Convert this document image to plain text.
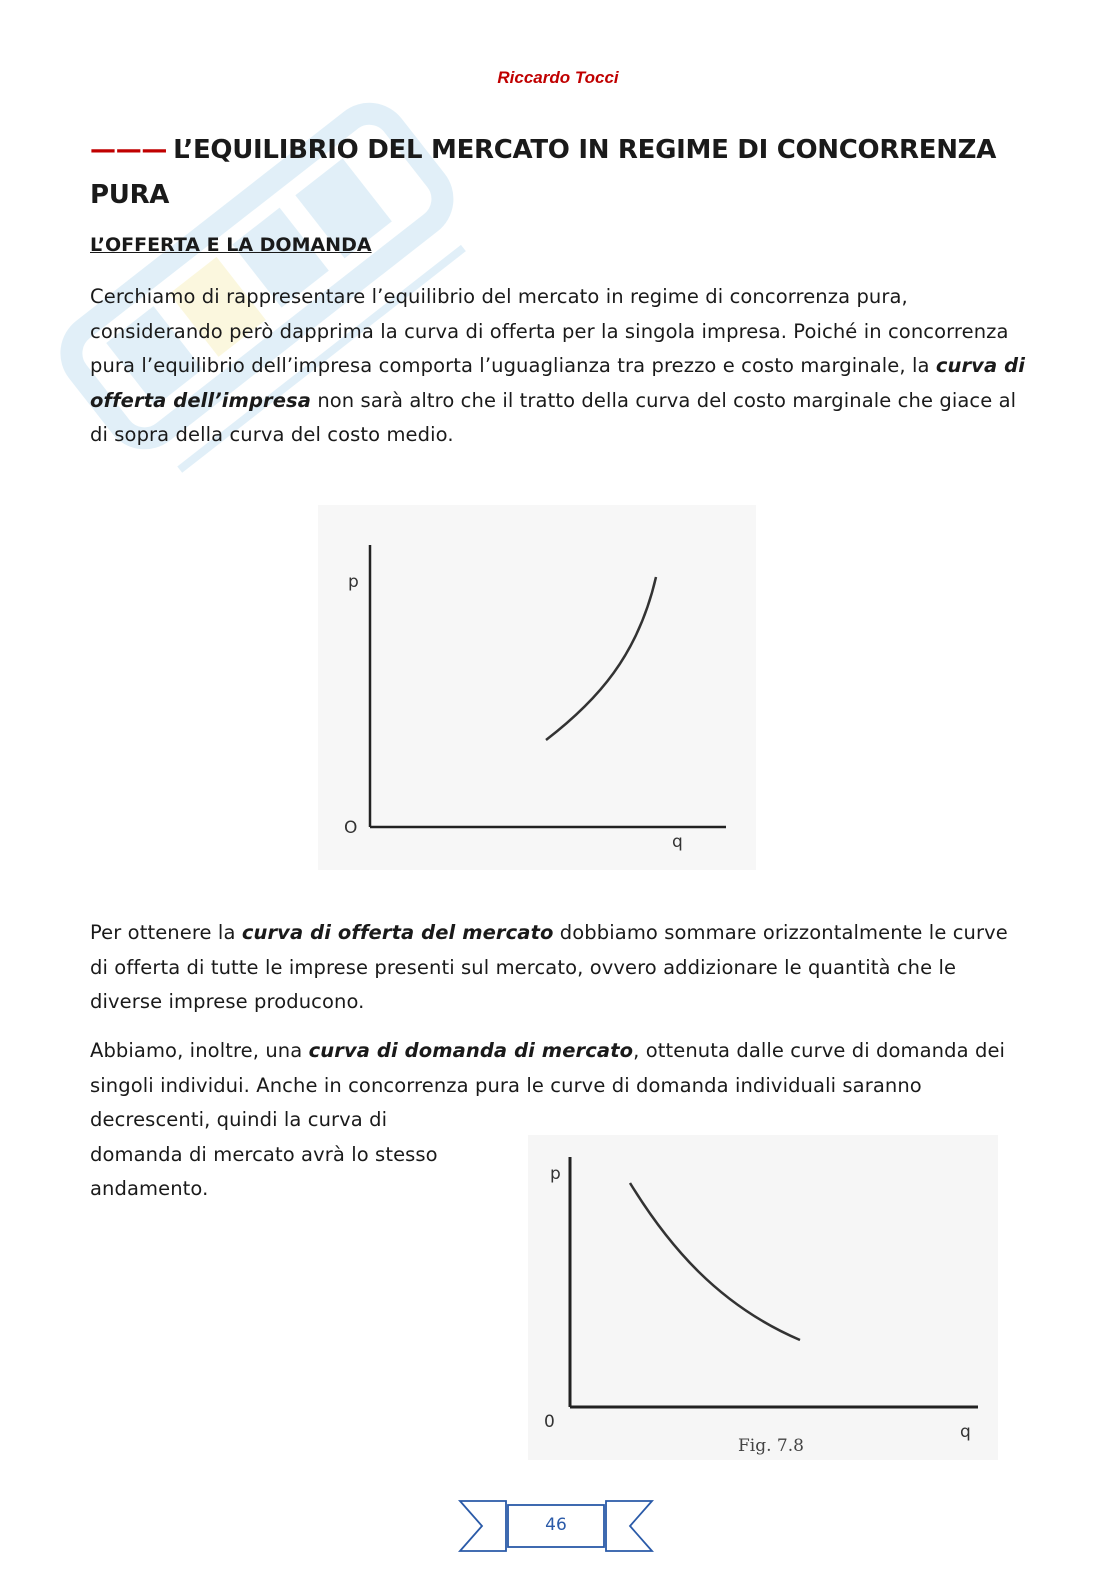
Riccardo Tocci
——— L’EQUILIBRIO DEL MERCATO IN REGIME DI CONCORRENZA PURA
L’OFFERTA E LA DOMANDA

Cerchiamo di rappresentare l’equilibrio del mercato in regime di concorrenza pura, considerando però dapprima la curva di offerta per la singola impresa. Poiché in concorrenza pura l’equilibrio dell’impresa comporta l’uguaglianza tra prezzo e costo marginale, la curva di offerta dell’impresa non sarà altro che il tratto della curva del costo marginale che giace al di sopra della curva del costo medio.

p
O
q

Per ottenere la curva di offerta del mercato dobbiamo sommare orizzontalmente le curve di offerta di tutte le imprese presenti sul mercato, ovvero addizionare le quantità che le diverse imprese producono.

Abbiamo, inoltre, una curva di domanda di mercato, ottenuta dalle curve di domanda dei singoli individui. Anche in concorrenza pura le curve di domanda individuali saranno

decrescenti, quindi la curva di domanda di mercato avrà lo stesso andamento.

p
0	q
Fig. 7.8
46
